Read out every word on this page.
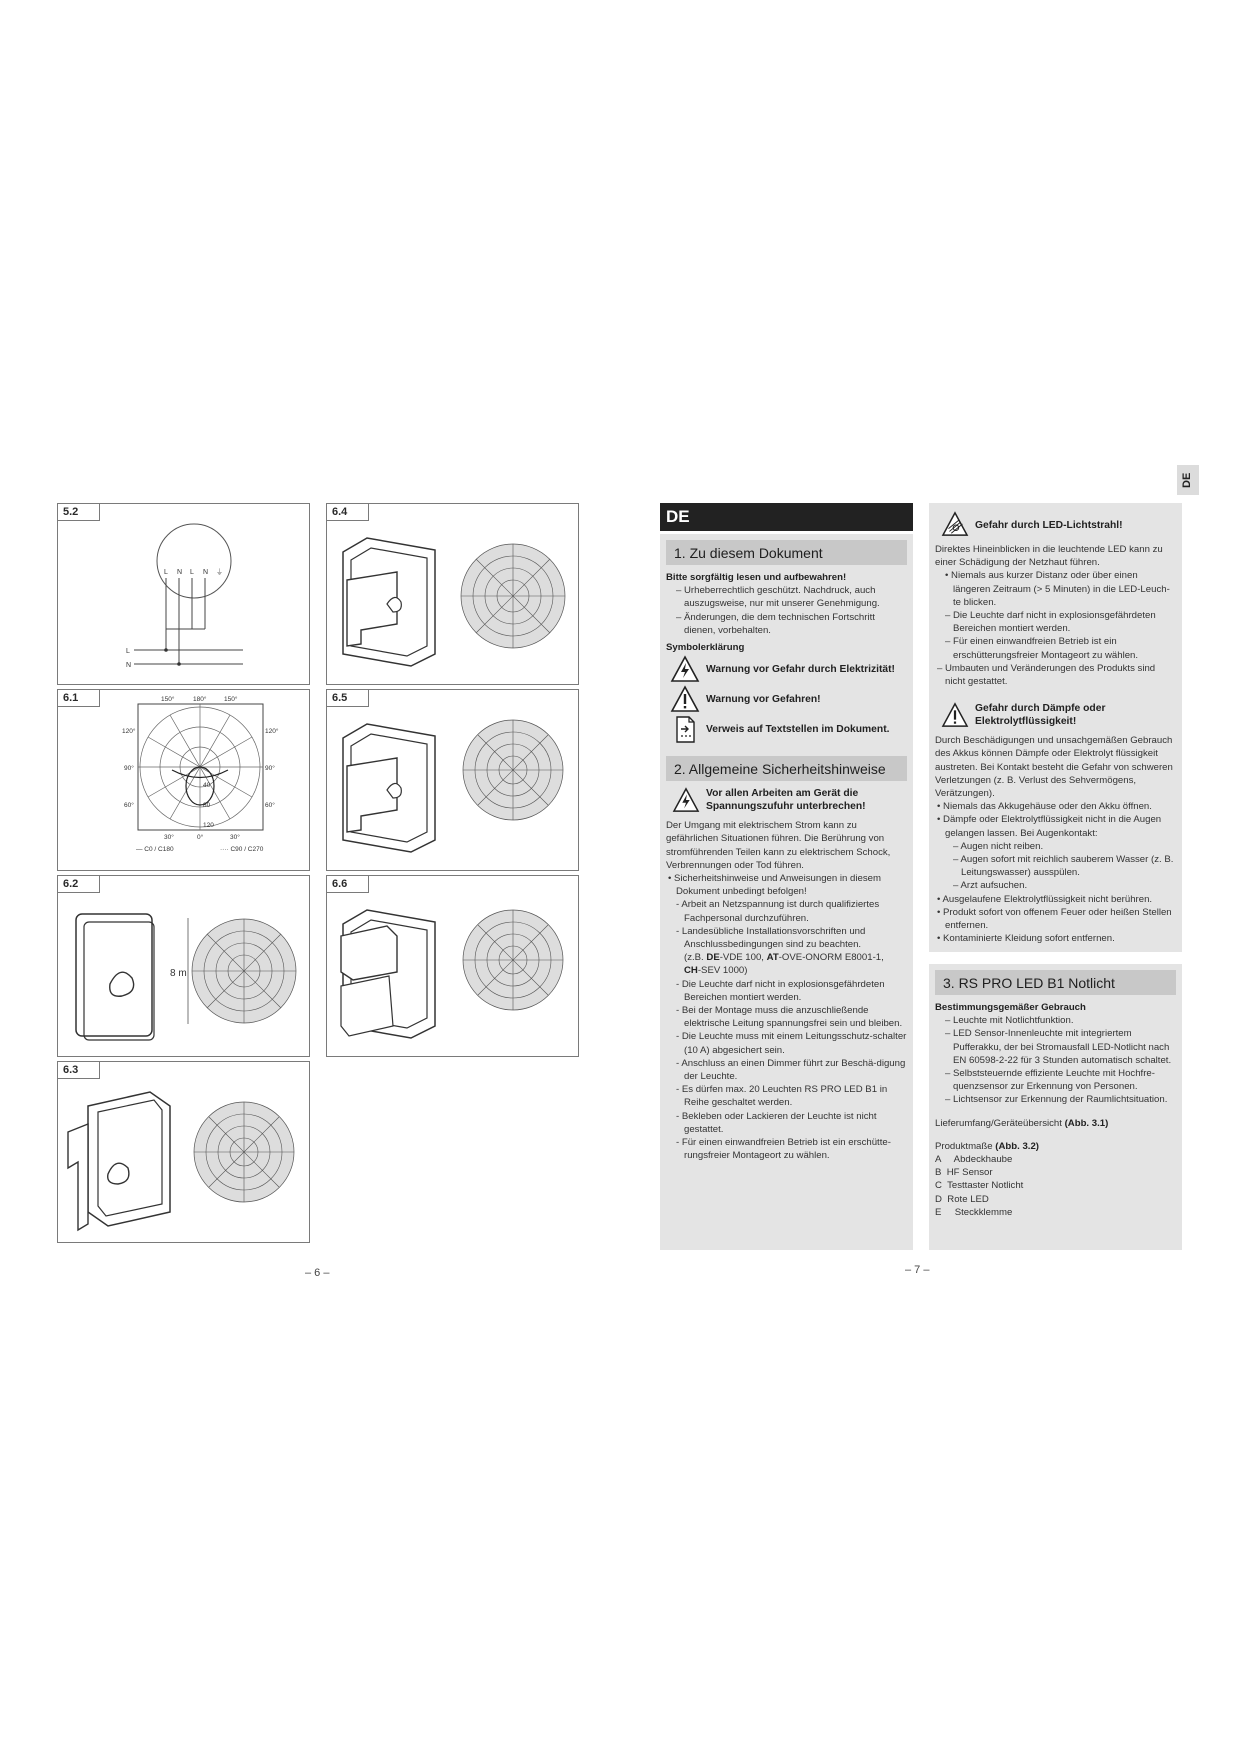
5.2
L N L N ⏚
L
N
6.1	150°	180°	150°
120°
90°
60°
120°
90°
60°
30°	0°	30°
40
80
120
— C0 / C180	···· C90 / C270
6.2
8 m
6.3
6.4
6.5
6.6
– 6 –
DE
DE
1. Zu diesem Dokument
Bitte sorgfältig lesen und aufbewahren!
– Urheberrechtlich geschützt. Nachdruck, auch auszugsweise, nur mit unserer Genehmigung.
– Änderungen, die dem technischen Fortschritt dienen, vorbehalten.
Symbolerklärung
Warnung vor Gefahr durch Elektrizität!
Warnung vor Gefahren!
Verweis auf Textstellen im Dokument.
2. Allgemeine Sicherheitshinweise
Vor allen Arbeiten am Gerät die Spannungszufuhr unterbrechen!
Der Umgang mit elektrischem Strom kann zu gefährlichen Situationen führen. Die Berührung von stromführenden Teilen kann zu elektrischem Schock, Verbrennungen oder Tod führen.
• Sicherheitshinweise und Anweisungen in diesem Dokument unbedingt befolgen!
- Arbeit an Netzspannung ist durch qualifiziertes Fachpersonal durchzuführen.
- Landesübliche Installationsvorschriften und Anschlussbedingungen sind zu beachten.
(z.B. DE-VDE 100, AT-OVE-ONORM E8001-1,
CH-SEV 1000)
- Die Leuchte darf nicht in explosionsgefährdeten Bereichen montiert werden.
- Bei der Montage muss die anzuschließende elektrische Leitung spannungsfrei sein und bleiben.
- Die Leuchte muss mit einem Leitungsschutz-schalter (10 A) abgesichert sein.
- Anschluss an einen Dimmer führt zur Beschä-digung der Leuchte.
- Es dürfen max. 20 Leuchten RS PRO LED B1 in Reihe geschaltet werden.
- Bekleben oder Lackieren der Leuchte ist nicht gestattet.
- Für einen einwandfreien Betrieb ist ein erschütte-rungsfreier Montageort zu wählen.
Gefahr durch LED-Lichtstrahl!
Direktes Hineinblicken in die leuchtende LED kann zu einer Schädigung der Netzhaut führen.
• Niemals aus kurzer Distanz oder über einen längeren Zeitraum (> 5 Minuten) in die LED-Leuch-te blicken.
– Die Leuchte darf nicht in explosionsgefährdeten Bereichen montiert werden.
– Für einen einwandfreien Betrieb ist ein erschütterungsfreier Montageort zu wählen.
– Umbauten und Veränderungen des Produkts sind nicht gestattet.
Gefahr durch Dämpfe oder Elektrolytflüssigkeit!
Durch Beschädigungen und unsachgemäßen Gebrauch des Akkus können Dämpfe oder Elektrolyt flüssigkeit austreten. Bei Kontakt besteht die Gefahr von schweren Verletzungen (z. B. Verlust des Sehvermögens, Verätzungen).
• Niemals das Akkugehäuse oder den Akku öffnen.
• Dämpfe oder Elektrolytflüssigkeit nicht in die Augen gelangen lassen. Bei Augenkontakt:
– Augen nicht reiben.
– Augen sofort mit reichlich sauberem Wasser (z. B. Leitungswasser) ausspülen.
– Arzt aufsuchen.
• Ausgelaufene Elektrolytflüssigkeit nicht berühren.
• Produkt sofort von offenem Feuer oder heißen Stellen entfernen.
• Kontaminierte Kleidung sofort entfernen.
3. RS PRO LED B1 Notlicht
Bestimmungsgemäßer Gebrauch
– Leuchte mit Notlichtfunktion.
– LED Sensor-Innenleuchte mit integriertem Pufferakku, der bei Stromausfall LED-Notlicht nach EN 60598-2-22 für 3 Stunden automatisch schaltet.
– Selbststeuernde effiziente Leuchte mit Hochfre-quenzsensor zur Erkennung von Personen.
– Lichtsensor zur Erkennung der Raumlichtsituation.
Lieferumfang/Geräteübersicht (Abb. 3.1)
Produktmaße (Abb. 3.2)
A     Abdeckhaube
B  HF Sensor
C  Testtaster Notlicht
D  Rote LED
E     Steckklemme
– 7 –
